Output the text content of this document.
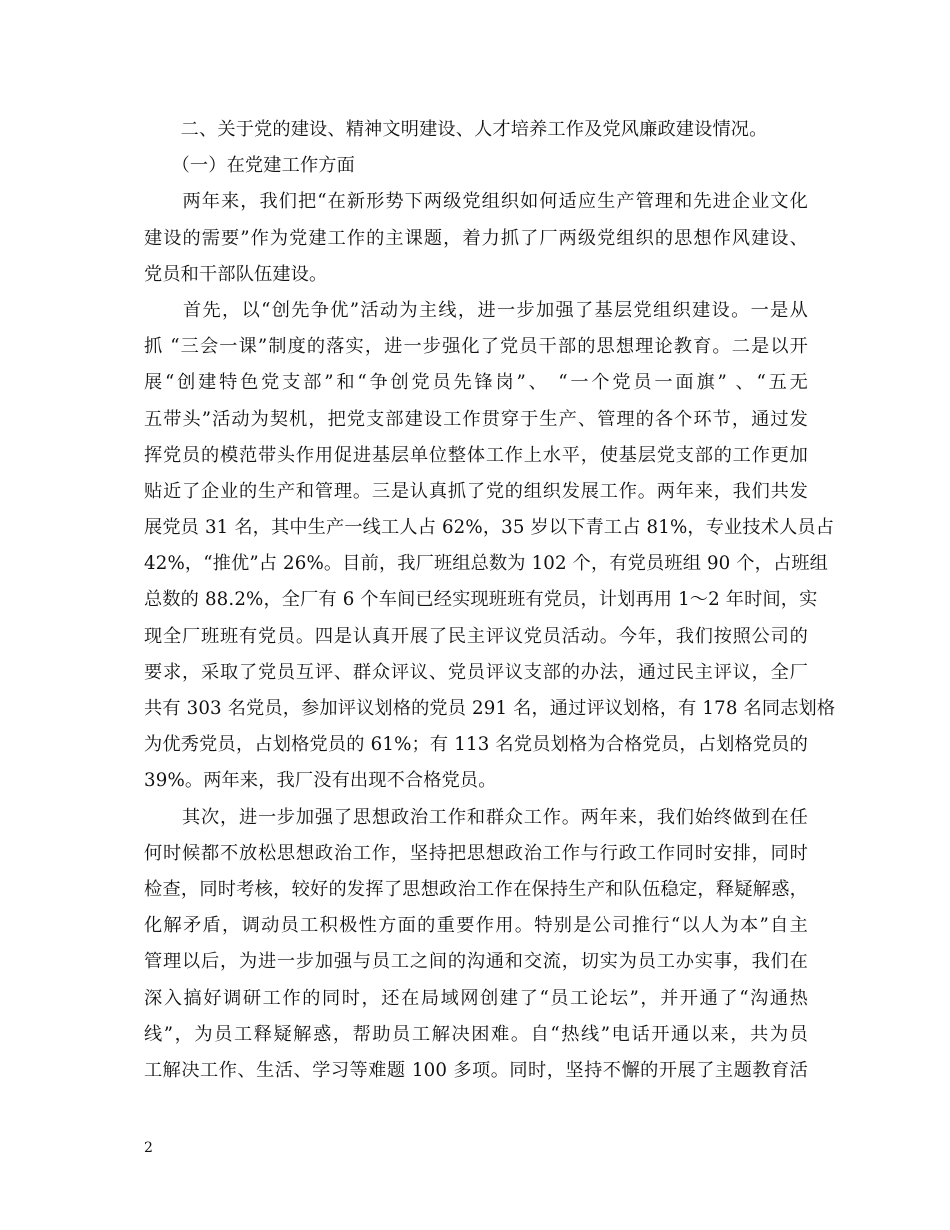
　　二、关于党的建设、精神文明建设、人才培养工作及党风廉政建设情况。
　　（一）在党建工作方面
　　两年来，我们把“在新形势下两级党组织如何适应生产管理和先进企业文化
建设的需要”作为党建工作的主课题，着力抓了厂两级党组织的思想作风建设、
党员和干部队伍建设。
　　首先，以“创先争优”活动为主线，进一步加强了基层党组织建设。一是从
抓 “三会一课”制度的落实，进一步强化了党员干部的思想理论教育。二是以开
展“创建特色党支部”和“争创党员先锋岗”、 “一个党员一面旗” 、“五无
五带头”活动为契机，把党支部建设工作贯穿于生产、管理的各个环节，通过发
挥党员的模范带头作用促进基层单位整体工作上水平，使基层党支部的工作更加
贴近了企业的生产和管理。三是认真抓了党的组织发展工作。两年来，我们共发
展党员 31 名，其中生产一线工人占 62%，35 岁以下青工占 81%，专业技术人员占
42%，“推优”占 26%。目前，我厂班组总数为 102 个，有党员班组 90 个，占班组
总数的 88.2%，全厂有 6 个车间已经实现班班有党员，计划再用 1～2 年时间，实
现全厂班班有党员。四是认真开展了民主评议党员活动。今年，我们按照公司的
要求，采取了党员互评、群众评议、党员评议支部的办法，通过民主评议，全厂
共有 303 名党员，参加评议划格的党员 291 名，通过评议划格，有 178 名同志划格
为优秀党员，占划格党员的 61%；有 113 名党员划格为合格党员，占划格党员的
39%。两年来，我厂没有出现不合格党员。
　　其次，进一步加强了思想政治工作和群众工作。两年来，我们始终做到在任
何时候都不放松思想政治工作，坚持把思想政治工作与行政工作同时安排，同时
检查，同时考核，较好的发挥了思想政治工作在保持生产和队伍稳定，释疑解惑，
化解矛盾，调动员工积极性方面的重要作用。特别是公司推行“以人为本”自主
管理以后，为进一步加强与员工之间的沟通和交流，切实为员工办实事，我们在
深入搞好调研工作的同时，还在局域网创建了“员工论坛”，并开通了“沟通热
线”，为员工释疑解惑，帮助员工解决困难。自“热线”电话开通以来，共为员
工解决工作、生活、学习等难题 100 多项。同时，坚持不懈的开展了主题教育活
2
